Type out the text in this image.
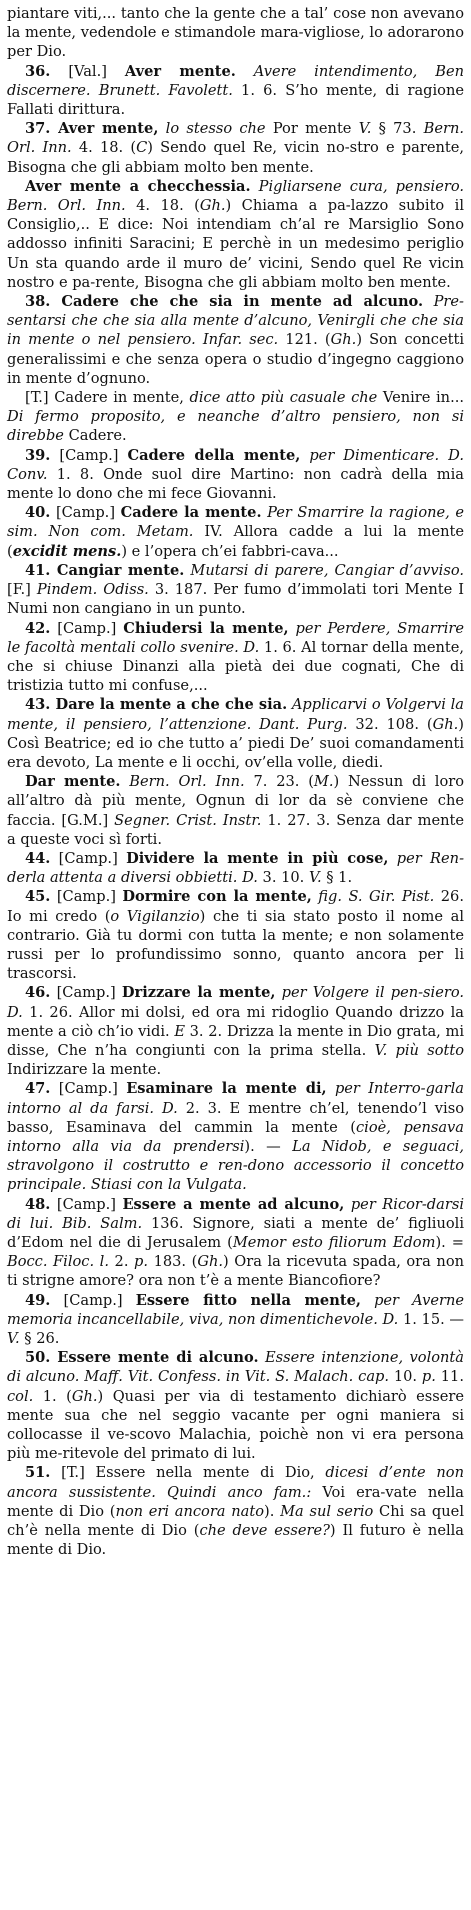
piantare viti,... tanto che la gente che a tal’ cose non avevano la mente, vedendole e stimandole mara-vigliose, lo adorarono per Dio.

36. [Val.] Aver mente. Avere intendimento, Ben discernere. Brunett. Favolett. 1. 6. S’ho mente, di ragione Fallati dirittura.

37. Aver mente, lo stesso che Por mente V. § 73. Bern. Orl. Inn. 4. 18. (C) Sendo quel Re, vicin no-stro e parente, Bisogna che gli abbiam molto ben mente.

Aver mente a checchessia. Pigliarsene cura, pensiero. Bern. Orl. Inn. 4. 18. (Gh.) Chiama a pa-lazzo subito il Consiglio,.. E dice: Noi intendiam ch’al re Marsiglio Sono addosso infiniti Saracini; E perchè in un medesimo periglio Un sta quando arde il muro de’ vicini, Sendo quel Re vicin nostro e pa-rente, Bisogna che gli abbiam molto ben mente.

38. Cadere che che sia in mente ad alcuno. Pre-sentarsi che che sia alla mente d’alcuno, Venirgli che che sia in mente o nel pensiero. Infar. sec. 121. (Gh.) Son concetti generalissimi e che senza opera o studio d’ingegno caggiono in mente d’ognuno.

[T.] Cadere in mente, dice atto più casuale che Venire in... Di fermo proposito, e neanche d’altro pensiero, non si direbbe Cadere.

39. [Camp.] Cadere della mente, per Dimenticare. D. Conv. 1. 8. Onde suol dire Martino: non cadrà della mia mente lo dono che mi fece Giovanni.

40. [Camp.] Cadere la mente. Per Smarrire la ragione, e sim. Non com. Metam. IV. Allora cadde a lui la mente (excidit mens.) e l’opera ch’ei fabbri-cava...

41. Cangiar mente. Mutarsi di parere, Cangiar d’avviso. [F.] Pindem. Odiss. 3. 187. Per fumo d’immolati tori Mente I Numi non cangiano in un punto.

42. [Camp.] Chiudersi la mente, per Perdere, Smarrire le facoltà mentali collo svenire. D. 1. 6. Al tornar della mente, che si chiuse Dinanzi alla pietà dei due cognati, Che di tristizia tutto mi confuse,...

43. Dare la mente a che che sia. Applicarvi o Volgervi la mente, il pensiero, l’attenzione. Dant. Purg. 32. 108. (Gh.) Così Beatrice; ed io che tutto a’ piedi De’ suoi comandamenti era devoto, La mente e li occhi, ov’ella volle, diedi.

Dar mente. Bern. Orl. Inn. 7. 23. (M.) Nessun di loro all’altro dà più mente, Ognun di lor da sè conviene che faccia. [G.M.] Segner. Crist. Instr. 1. 27. 3. Senza dar mente a queste voci sì forti.

44. [Camp.] Dividere la mente in più cose, per Ren-derla attenta a diversi obbietti. D. 3. 10. V. § 1.

45. [Camp.] Dormire con la mente, fig. S. Gir. Pist. 26. Io mi credo (o Vigilanzio) che ti sia stato posto il nome al contrario. Già tu dormi con tutta la mente; e non solamente russi per lo profundissimo sonno, quanto ancora per li trascorsi.

46. [Camp.] Drizzare la mente, per Volgere il pen-siero. D. 1. 26. Allor mi dolsi, ed ora mi ridoglio Quando drizzo la mente a ciò ch’io vidi. E 3. 2. Drizza la mente in Dio grata, mi disse, Che n’ha congiunti con la prima stella. V. più sotto Indirizzare la mente.

47. [Camp.] Esaminare la mente di, per Interro-garla intorno al da farsi. D. 2. 3. E mentre ch’el, tenendo’l viso basso, Esaminava del cammin la mente (cioè, pensava intorno alla via da prendersi). — La Nidob, e seguaci, stravolgono il costrutto e ren-dono accessorio il concetto principale. Stiasi con la Vulgata.

48. [Camp.] Essere a mente ad alcuno, per Ricor-darsi di lui. Bib. Salm. 136. Signore, siati a mente de’ figliuoli d’Edom nel die di Jerusalem (Memor esto filiorum Edom). = Bocc. Filoc. l. 2. p. 183. (Gh.) Ora la ricevuta spada, ora non ti strigne amore? ora non t’è a mente Biancofiore?

49. [Camp.] Essere fitto nella mente, per Averne memoria incancellabile, viva, non dimentichevole. D. 1. 15. — V. § 26.

50. Essere mente di alcuno. Essere intenzione, volontà di alcuno. Maff. Vit. Confess. in Vit. S. Malach. cap. 10. p. 11. col. 1. (Gh.) Quasi per via di testamento dichiarò essere mente sua che nel seggio vacante per ogni maniera si collocasse il ve-scovo Malachia, poichè non vi era persona più me-ritevole del primato di lui.

51. [T.] Essere nella mente di Dio, dicesi d’ente non ancora sussistente. Quindi anco fam.: Voi era-vate nella mente di Dio (non eri ancora nato). Ma sul serio Chi sa quel ch’è nella mente di Dio (che deve essere?) Il futuro è nella mente di Dio.
